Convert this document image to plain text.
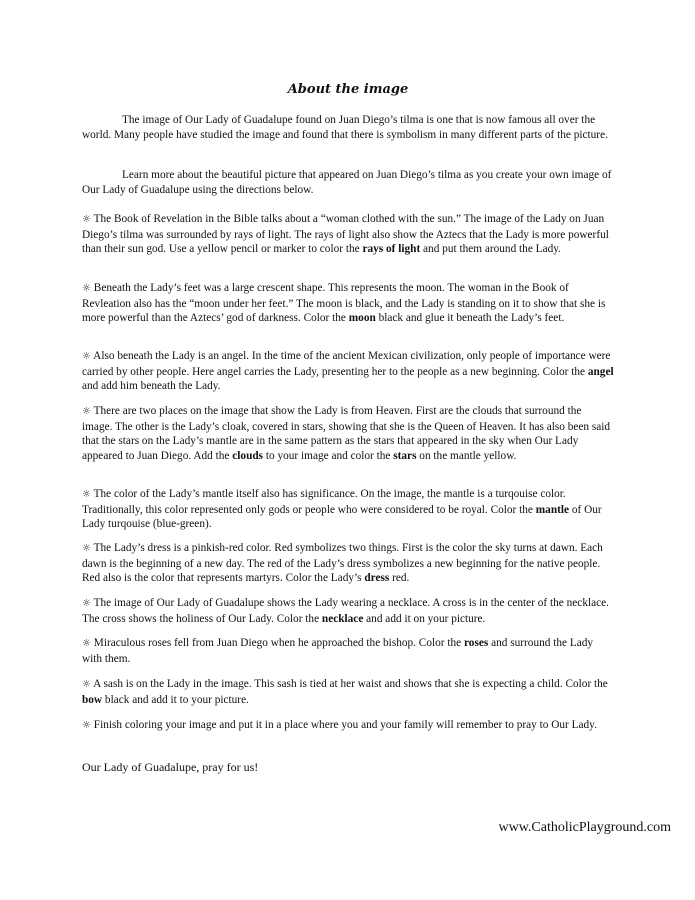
About the image

The image of Our Lady of Guadalupe found on Juan Diego’s tilma is one that is now famous all over the world. Many people have studied the image and found that there is symbolism in many different parts of the picture.

Learn more about the beautiful picture that appeared on Juan Diego’s tilma as you create your own image of Our Lady of Guadalupe using the directions below.

☼ The Book of Revelation in the Bible talks about a “woman clothed with the sun.” The image of the Lady on Juan Diego’s tilma was surrounded by rays of light. The rays of light also show the Aztecs that the Lady is more powerful than their sun god. Use a yellow pencil or marker to color the rays of light and put them around the Lady.

☼ Beneath the Lady’s feet was a large crescent shape. This represents the moon. The woman in the Book of Revleation also has the “moon under her feet.” The moon is black, and the Lady is standing on it to show that she is more powerful than the Aztecs’ god of darkness. Color the moon black and glue it beneath the Lady’s feet.

☼ Also beneath the Lady is an angel. In the time of the ancient Mexican civilization, only people of importance were carried by other people. Here angel carries the Lady, presenting her to the people as a new beginning. Color the angel and add him beneath the Lady.

☼ There are two places on the image that show the Lady is from Heaven. First are the clouds that surround the image. The other is the Lady’s cloak, covered in stars, showing that she is the Queen of Heaven. It has also been said that the stars on the Lady’s mantle are in the same pattern as the stars that appeared in the sky when Our Lady appeared to Juan Diego. Add the clouds to your image and color the stars on the mantle yellow.

☼ The color of the Lady’s mantle itself also has significance. On the image, the mantle is a turqouise color. Traditionally, this color represented only gods or people who were considered to be royal. Color the mantle of Our Lady turqouise (blue-green).

☼ The Lady’s dress is a pinkish-red color. Red symbolizes two things. First is the color the sky turns at dawn. Each dawn is the beginning of a new day. The red of the Lady’s dress symbolizes a new beginning for the native people. Red also is the color that represents martyrs. Color the Lady’s dress red.

☼ The image of Our Lady of Guadalupe shows the Lady wearing a necklace. A cross is in the center of the necklace. The cross shows the holiness of Our Lady. Color the necklace and add it on your picture.

☼ Miraculous roses fell from Juan Diego when he approached the bishop. Color the roses and surround the Lady with them.

☼ A sash is on the Lady in the image. This sash is tied at her waist and shows that she is expecting a child. Color the bow black and add it to your picture.

☼ Finish coloring your image and put it in a place where you and your family will remember to pray to Our Lady.

Our Lady of Guadalupe, pray for us!

www.CatholicPlayground.com
